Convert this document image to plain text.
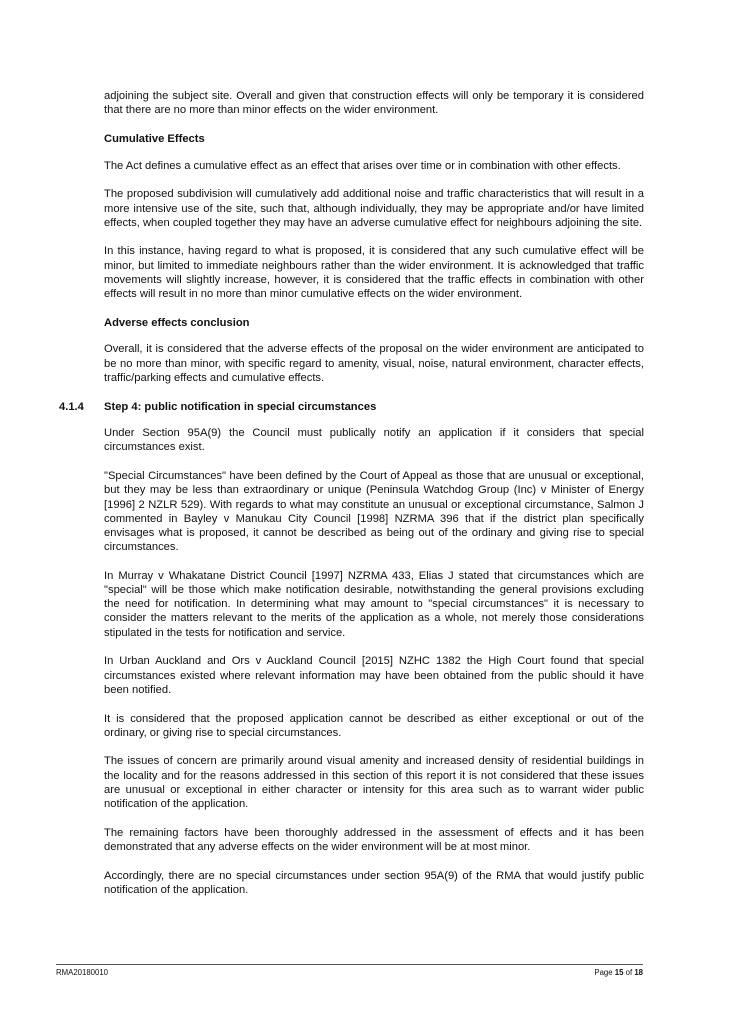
adjoining the subject site. Overall and given that construction effects will only be temporary it is considered that there are no more than minor effects on the wider environment.

Cumulative Effects

The Act defines a cumulative effect as an effect that arises over time or in combination with other effects.

The proposed subdivision will cumulatively add additional noise and traffic characteristics that will result in a more intensive use of the site, such that, although individually, they may be appropriate and/or have limited effects, when coupled together they may have an adverse cumulative effect for neighbours adjoining the site.

In this instance, having regard to what is proposed, it is considered that any such cumulative effect will be minor, but limited to immediate neighbours rather than the wider environment. It is acknowledged that traffic movements will slightly increase, however, it is considered that the traffic effects in combination with other effects will result in no more than minor cumulative effects on the wider environment.

Adverse effects conclusion

Overall, it is considered that the adverse effects of the proposal on the wider environment are anticipated to be no more than minor, with specific regard to amenity, visual, noise, natural environment, character effects, traffic/parking effects and cumulative effects.

4.1.4	Step 4: public notification in special circumstances

Under Section 95A(9) the Council must publically notify an application if it considers that special circumstances exist.

"Special Circumstances" have been defined by the Court of Appeal as those that are unusual or exceptional, but they may be less than extraordinary or unique (Peninsula Watchdog Group (Inc) v Minister of Energy [1996] 2 NZLR 529). With regards to what may constitute an unusual or exceptional circumstance, Salmon J commented in Bayley v Manukau City Council [1998] NZRMA 396 that if the district plan specifically envisages what is proposed, it cannot be described as being out of the ordinary and giving rise to special circumstances.

In Murray v Whakatane District Council [1997] NZRMA 433, Elias J stated that circumstances which are "special" will be those which make notification desirable, notwithstanding the general provisions excluding the need for notification. In determining what may amount to "special circumstances" it is necessary to consider the matters relevant to the merits of the application as a whole, not merely those considerations stipulated in the tests for notification and service.

In Urban Auckland and Ors v Auckland Council [2015] NZHC 1382 the High Court found that special circumstances existed where relevant information may have been obtained from the public should it have been notified.

It is considered that the proposed application cannot be described as either exceptional or out of the ordinary, or giving rise to special circumstances.

The issues of concern are primarily around visual amenity and increased density of residential buildings in the locality and for the reasons addressed in this section of this report it is not considered that these issues are unusual or exceptional in either character or intensity for this area such as to warrant wider public notification of the application.

The remaining factors have been thoroughly addressed in the assessment of effects and it has been demonstrated that any adverse effects on the wider environment will be at most minor.

Accordingly, there are no special circumstances under section 95A(9) of the RMA that would justify public notification of the application.

RMA20180010	Page 15 of 18
